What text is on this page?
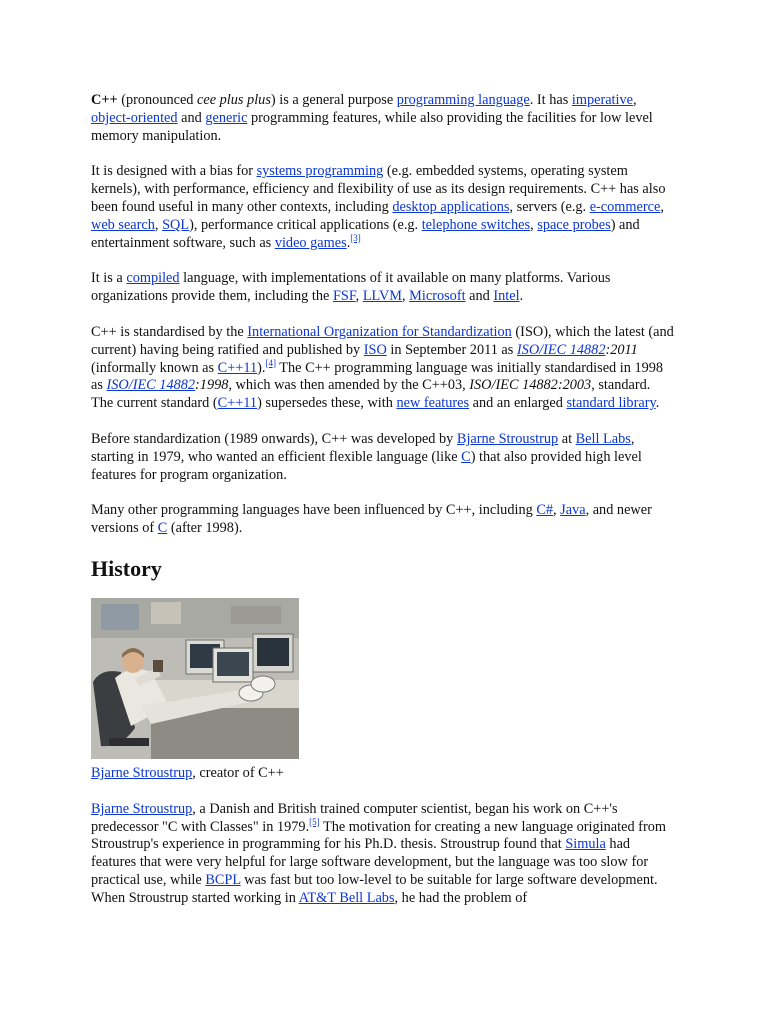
C++ (pronounced cee plus plus) is a general purpose programming language. It has imperative, object-oriented and generic programming features, while also providing the facilities for low level memory manipulation.

It is designed with a bias for systems programming (e.g. embedded systems, operating system kernels), with performance, efficiency and flexibility of use as its design requirements. C++ has also been found useful in many other contexts, including desktop applications, servers (e.g. e-commerce, web search, SQL), performance critical applications (e.g. telephone switches, space probes) and entertainment software, such as video games.[3]

It is a compiled language, with implementations of it available on many platforms. Various organizations provide them, including the FSF, LLVM, Microsoft and Intel.

C++ is standardised by the International Organization for Standardization (ISO), which the latest (and current) having being ratified and published by ISO in September 2011 as ISO/IEC 14882:2011 (informally known as C++11).[4] The C++ programming language was initially standardised in 1998 as ISO/IEC 14882:1998, which was then amended by the C++03, ISO/IEC 14882:2003, standard. The current standard (C++11) supersedes these, with new features and an enlarged standard library.

Before standardization (1989 onwards), C++ was developed by Bjarne Stroustrup at Bell Labs, starting in 1979, who wanted an efficient flexible language (like C) that also provided high level features for program organization.

Many other programming languages have been influenced by C++, including C#, Java, and newer versions of C (after 1998).

History

Bjarne Stroustrup, creator of C++

Bjarne Stroustrup, a Danish and British trained computer scientist, began his work on C++'s predecessor "C with Classes" in 1979.[5] The motivation for creating a new language originated from Stroustrup's experience in programming for his Ph.D. thesis. Stroustrup found that Simula had features that were very helpful for large software development, but the language was too slow for practical use, while BCPL was fast but too low-level to be suitable for large software development. When Stroustrup started working in AT&T Bell Labs, he had the problem of
